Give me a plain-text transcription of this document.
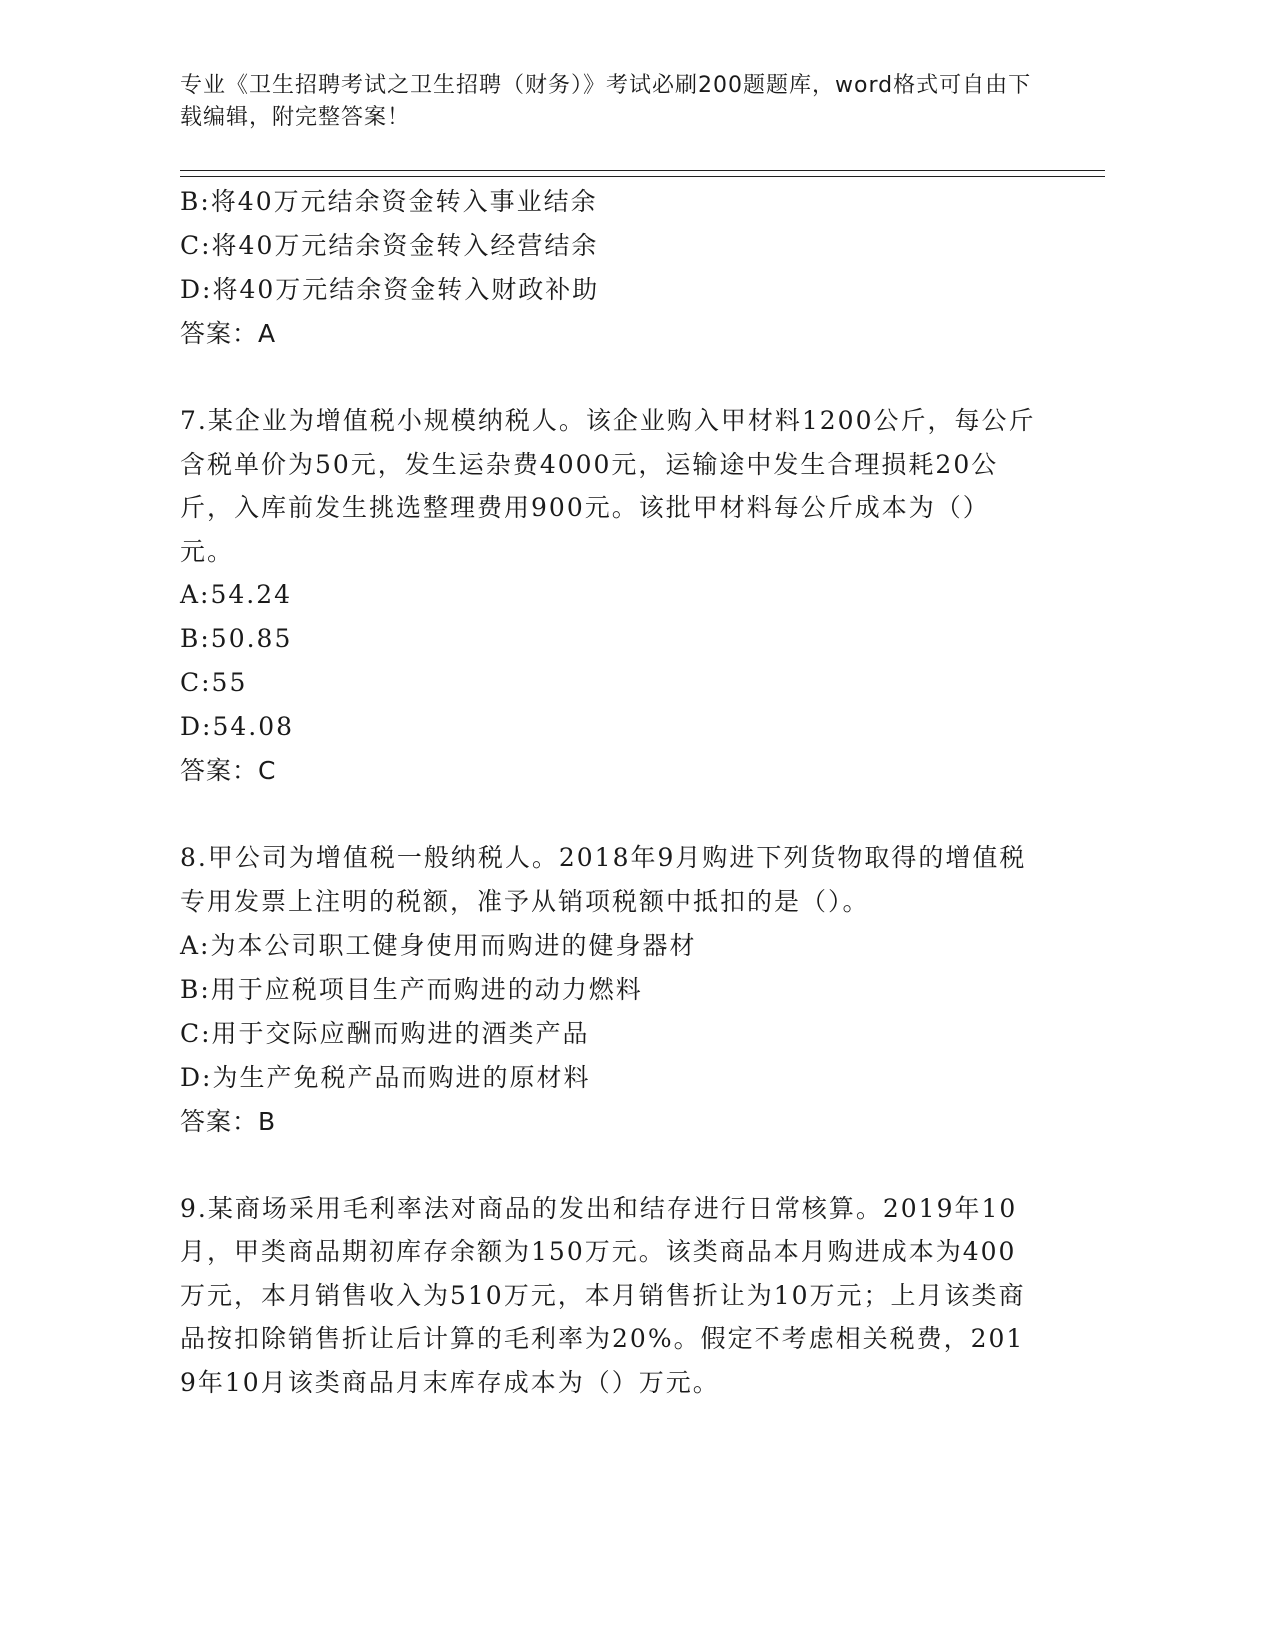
专业《卫生招聘考试之卫生招聘（财务）》考试必刷200题题库，word格式可自由下载编辑，附完整答案！
B:将40万元结余资金转入事业结余
C:将40万元结余资金转入经营结余
D:将40万元结余资金转入财政补助
答案：A
7.某企业为增值税小规模纳税人。该企业购入甲材料1200公斤，每公斤含税单价为50元，发生运杂费4000元，运输途中发生合理损耗20公斤，入库前发生挑选整理费用900元。该批甲材料每公斤成本为（）元。
A:54.24
B:50.85
C:55
D:54.08
答案：C
8.甲公司为增值税一般纳税人。2018年9月购进下列货物取得的增值税专用发票上注明的税额，准予从销项税额中抵扣的是（）。
A:为本公司职工健身使用而购进的健身器材
B:用于应税项目生产而购进的动力燃料
C:用于交际应酬而购进的酒类产品
D:为生产免税产品而购进的原材料
答案：B
9.某商场采用毛利率法对商品的发出和结存进行日常核算。2019年10月，甲类商品期初库存余额为150万元。该类商品本月购进成本为400万元，本月销售收入为510万元，本月销售折让为10万元；上月该类商品按扣除销售折让后计算的毛利率为20%。假定不考虑相关税费，2019年10月该类商品月末库存成本为（）万元。
